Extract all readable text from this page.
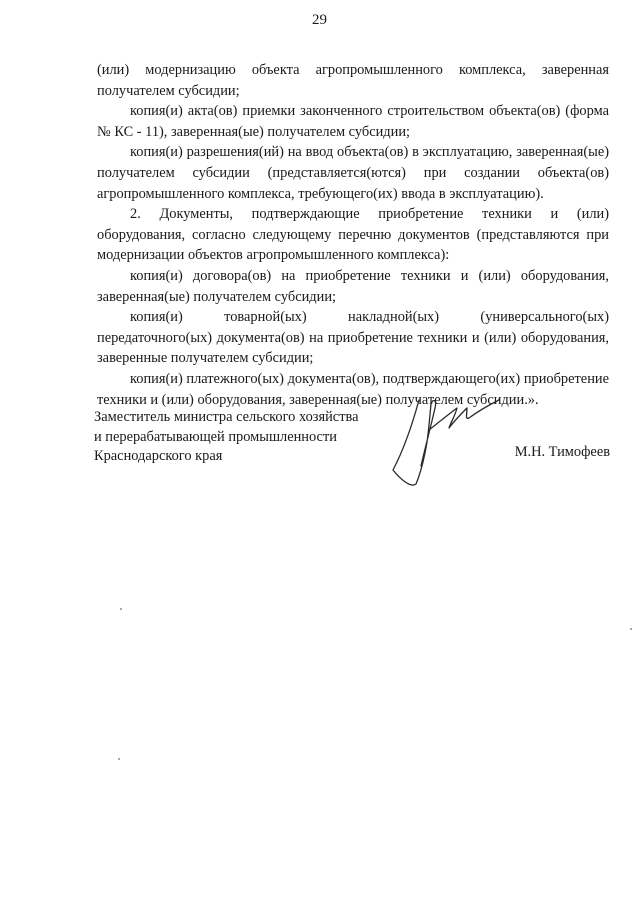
29

(или) модернизацию объекта агропромышленного комплекса, заверенная получателем субсидии;

копия(и) акта(ов) приемки законченного строительством объекта(ов) (форма № КС - 11), заверенная(ые) получателем субсидии;

копия(и) разрешения(ий) на ввод объекта(ов) в эксплуатацию, заверенная(ые) получателем субсидии (представляется(ются) при создании объекта(ов) агропромышленного комплекса, требующего(их) ввода в эксплуатацию).

2. Документы, подтверждающие приобретение техники и (или) оборудования, согласно следующему перечню документов (представляются при модернизации объектов агропромышленного комплекса):

копия(и) договора(ов) на приобретение техники и (или) оборудования, заверенная(ые) получателем субсидии;

копия(и) товарной(ых) накладной(ых) (универсального(ых) передаточного(ых) документа(ов) на приобретение техники и (или) оборудования, заверенные получателем субсидии;

копия(и) платежного(ых) документа(ов), подтверждающего(их) приобретение техники и (или) оборудования, заверенная(ые) получателем субсидии.».

Заместитель министра сельского хозяйства
и перерабатывающей промышленности
Краснодарского края	М.Н. Тимофеев
